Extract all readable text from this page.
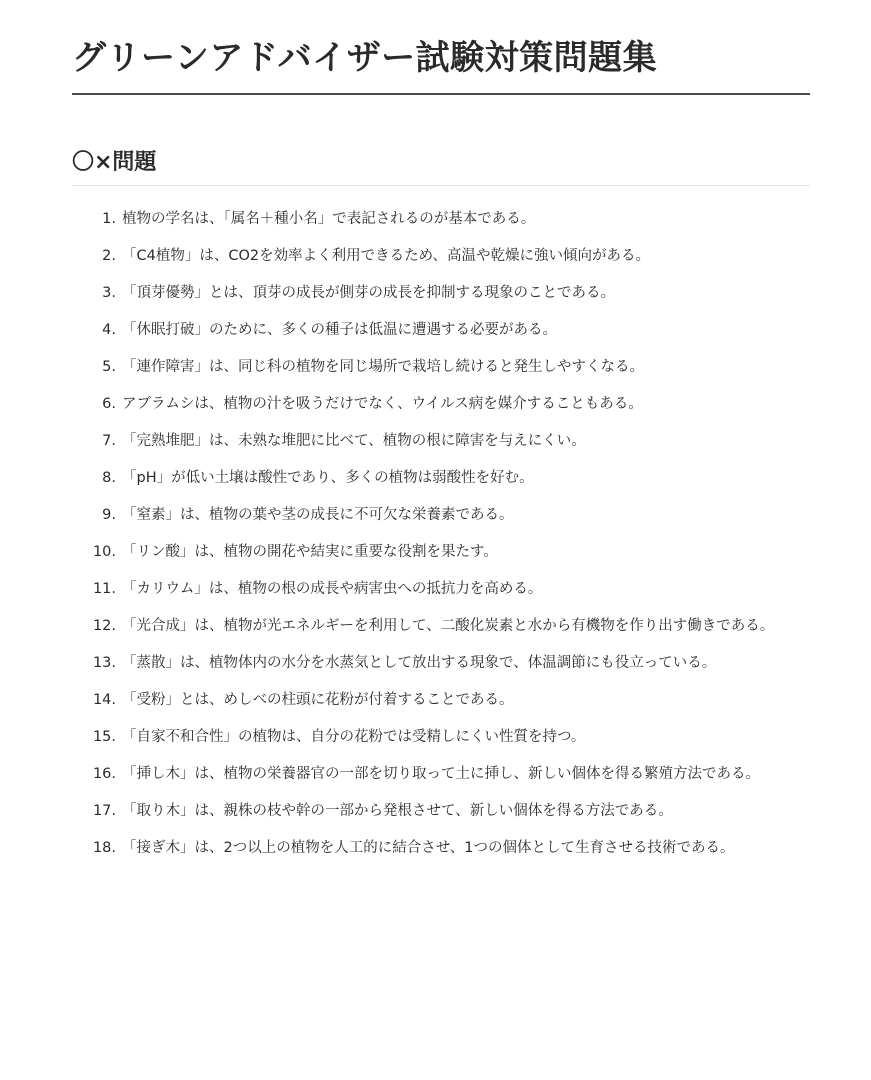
グリーンアドバイザー試験対策問題集
〇×問題
1. 植物の学名は、「属名＋種小名」で表記されるのが基本である。
2. 「C4植物」は、CO2を効率よく利用できるため、高温や乾燥に強い傾向がある。
3. 「頂芽優勢」とは、頂芽の成長が側芽の成長を抑制する現象のことである。
4. 「休眠打破」のために、多くの種子は低温に遭遇する必要がある。
5. 「連作障害」は、同じ科の植物を同じ場所で栽培し続けると発生しやすくなる。
6. アブラムシは、植物の汁を吸うだけでなく、ウイルス病を媒介することもある。
7. 「完熟堆肥」は、未熟な堆肥に比べて、植物の根に障害を与えにくい。
8. 「pH」が低い土壌は酸性であり、多くの植物は弱酸性を好む。
9. 「窒素」は、植物の葉や茎の成長に不可欠な栄養素である。
10. 「リン酸」は、植物の開花や結実に重要な役割を果たす。
11. 「カリウム」は、植物の根の成長や病害虫への抵抗力を高める。
12. 「光合成」は、植物が光エネルギーを利用して、二酸化炭素と水から有機物を作り出す働きである。
13. 「蒸散」は、植物体内の水分を水蒸気として放出する現象で、体温調節にも役立っている。
14. 「受粉」とは、めしべの柱頭に花粉が付着することである。
15. 「自家不和合性」の植物は、自分の花粉では受精しにくい性質を持つ。
16. 「挿し木」は、植物の栄養器官の一部を切り取って土に挿し、新しい個体を得る繁殖方法である。
17. 「取り木」は、親株の枝や幹の一部から発根させて、新しい個体を得る方法である。
18. 「接ぎ木」は、2つ以上の植物を人工的に結合させ、1つの個体として生育させる技術である。
